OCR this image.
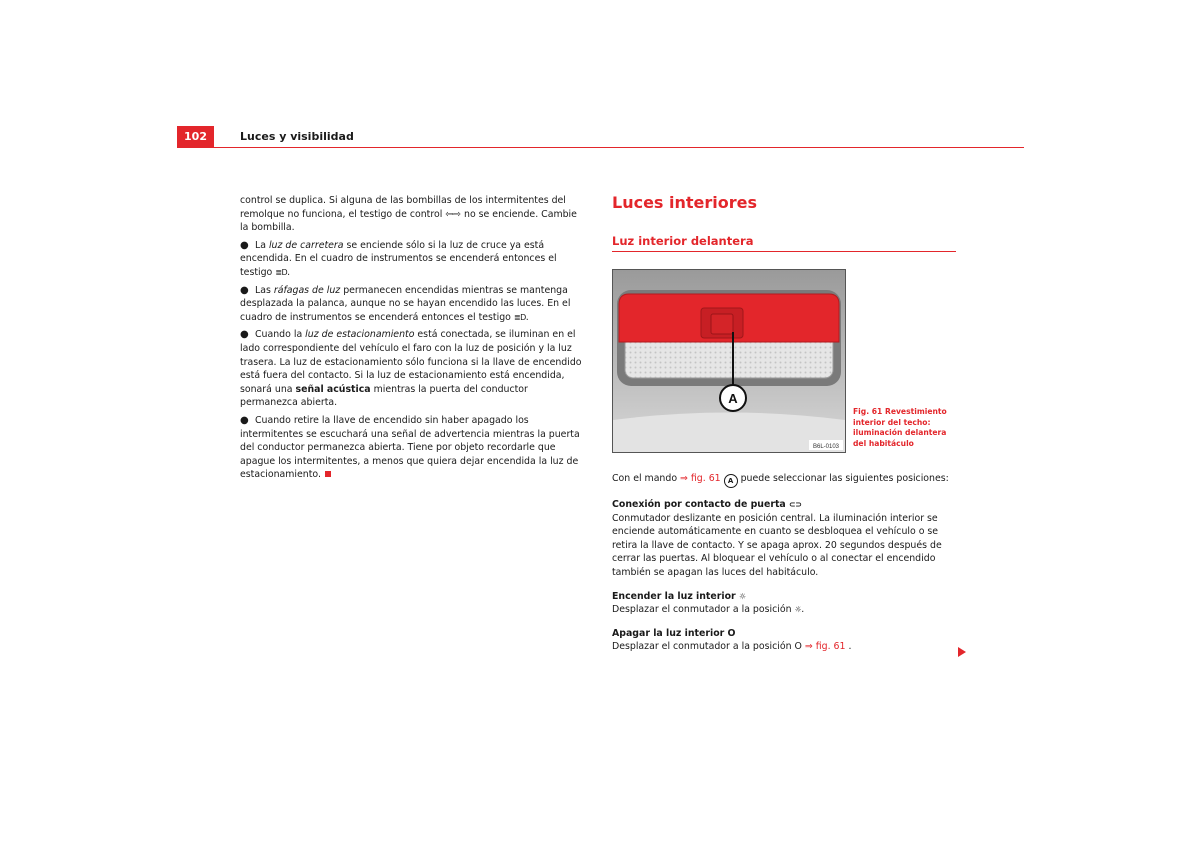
102	Luces y visibilidad

control se duplica. Si alguna de las bombillas de los intermitentes del remolque no funciona, el testigo de control ⇦⇨ no se enciende. Cambie la bombilla.

● La luz de carretera se enciende sólo si la luz de cruce ya está encendida. En el cuadro de instrumentos se encenderá entonces el testigo ≣D.

● Las ráfagas de luz permanecen encendidas mientras se mantenga desplazada la palanca, aunque no se hayan encendido las luces. En el cuadro de instrumentos se encenderá entonces el testigo ≣D.

● Cuando la luz de estacionamiento está conectada, se iluminan en el lado correspondiente del vehículo el faro con la luz de posición y la luz trasera. La luz de estacionamiento sólo funciona si la llave de encendido está fuera del contacto. Si la luz de estacionamiento está encendida, sonará una señal acústica mientras la puerta del conductor permanezca abierta.

● Cuando retire la llave de encendido sin haber apagado los intermitentes se escuchará una señal de advertencia mientras la puerta del conductor permanezca abierta. Tiene por objeto recordarle que apague los intermitentes, a menos que quiera dejar encendida la luz de estacionamiento.

Luces interiores
Luz interior delantera
A
B6L-0103
Fig. 61 Revestimiento interior del techo: iluminación delantera del habitáculo

Con el mando ⇒ fig. 61 A puede seleccionar las siguientes posiciones:

Conexión por contacto de puerta ⊂⊃

Conmutador deslizante en posición central. La iluminación interior se enciende automáticamente en cuanto se desbloquea el vehículo o se retira la llave de contacto. Y se apaga aprox. 20 segundos después de cerrar las puertas. Al bloquear el vehículo o al conectar el encendido también se apagan las luces del habitáculo.

Encender la luz interior ☼

Desplazar el conmutador a la posición ☼.

Apagar la luz interior O

Desplazar el conmutador a la posición O ⇒ fig. 61 .
